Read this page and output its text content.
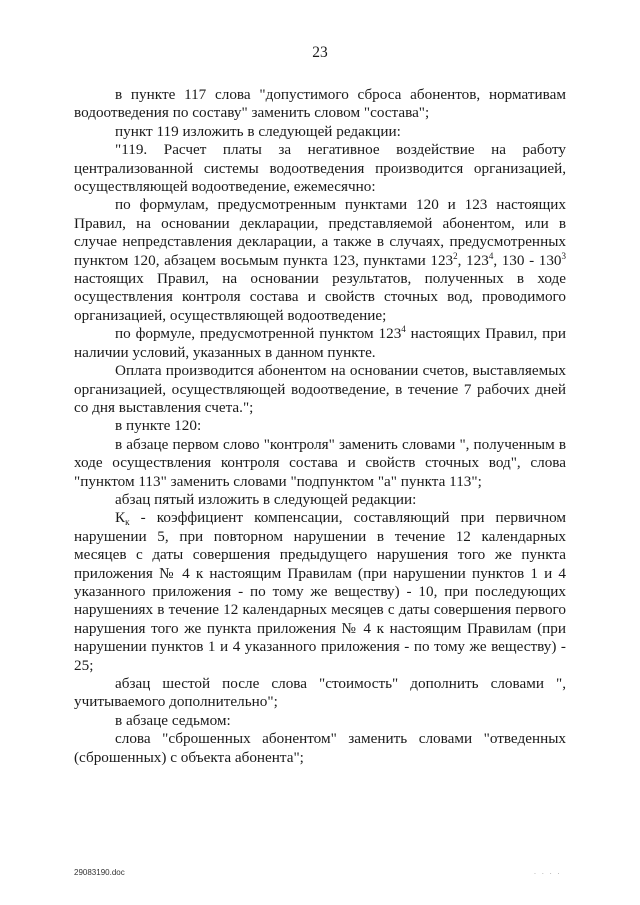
23

в пункте 117 слова "допустимого сброса абонентов, нормативам водоотведения по составу" заменить словом "состава";

пункт 119 изложить в следующей редакции:

"119. Расчет платы за негативное воздействие на работу централизованной системы водоотведения производится организацией, осуществляющей водоотведение, ежемесячно:

по формулам, предусмотренным пунктами 120 и 123 настоящих Правил, на основании декларации, представляемой абонентом, или в случае непредставления декларации, а также в случаях, предусмотренных пунктом 120, абзацем восьмым пункта 123, пунктами $123^2$, $123^4$, $130 - 130^3$ настоящих Правил, на основании результатов, полученных в ходе осуществления контроля состава и свойств сточных вод, проводимого организацией, осуществляющей водоотведение;

по формуле, предусмотренной пунктом $123^4$ настоящих Правил, при наличии условий, указанных в данном пункте.

Оплата производится абонентом на основании счетов, выставляемых организацией, осуществляющей водоотведение, в течение 7 рабочих дней со дня выставления счета.";

в пункте 120:

в абзаце первом слово "контроля" заменить словами ", полученным в ходе осуществления контроля состава и свойств сточных вод", слова "пунктом 113" заменить словами "подпунктом "а" пункта 113";

абзац пятый изложить в следующей редакции:

$К_к$ - коэффициент компенсации, составляющий при первичном нарушении 5, при повторном нарушении в течение 12 календарных месяцев с даты совершения предыдущего нарушения того же пункта приложения № 4 к настоящим Правилам (при нарушении пунктов 1 и 4 указанного приложения - по тому же веществу) - 10, при последующих нарушениях в течение 12 календарных месяцев с даты совершения первого нарушения того же пункта приложения № 4 к настоящим Правилам (при нарушении пунктов 1 и 4 указанного приложения - по тому же веществу) - 25;

абзац шестой после слова "стоимость" дополнить словами ", учитываемого дополнительно";

в абзаце седьмом:

слова "сброшенных абонентом" заменить словами "отведенных (сброшенных) с объекта абонента";

29083190.doc	. . . .
